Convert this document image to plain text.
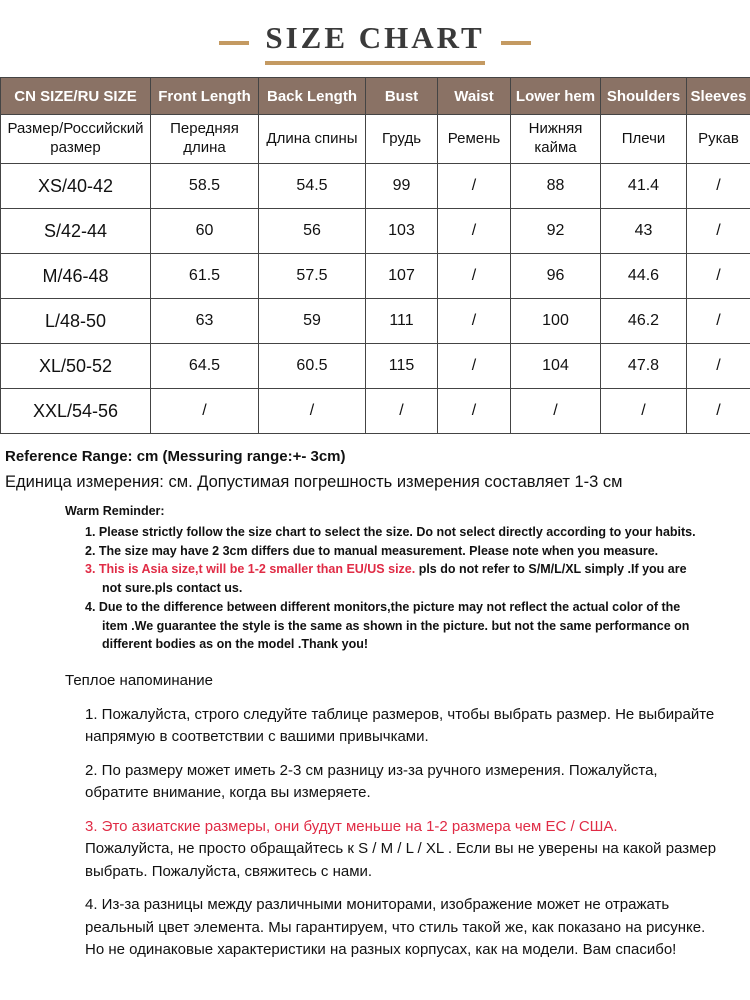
SIZE CHART
CN SIZE/RU SIZE	Front Length	Back Length	Bust	Waist	Lower hem	Shoulders	Sleeves
Размер/Российский размер	Передняя длина	Длина спины	Грудь	Ремень	Нижняя кайма	Плечи	Рукав
XS/40-42	58.5	54.5	99	/	88	41.4	/
S/42-44	60	56	103	/	92	43	/
M/46-48	61.5	57.5	107	/	96	44.6	/
L/48-50	63	59	111	/	100	46.2	/
XL/50-52	64.5	60.5	115	/	104	47.8	/
XXL/54-56	/	/	/	/	/	/	/
Reference Range: cm (Messuring range:+- 3cm)
Единица измерения: см. Допустимая погрешность измерения составляет 1-3 см
Warm Reminder:
1. Please strictly follow the size chart to select the size. Do not select directly according to your habits.
2. The size may have 2 3cm differs due to manual measurement. Please note when you measure.
3. This is Asia size,t will be 1-2 smaller than EU/US size. pls do not refer to S/M/L/XL simply .If you are not sure.pls contact us.
4. Due to the difference between different monitors,the picture may not reflect the actual color of the item .We guarantee the style is the same as shown in the picture. but not the same performance on different bodies as on the model .Thank you!
Теплое напоминание
1. Пожалуйста, строго следуйте таблице размеров, чтобы выбрать размер. Не выбирайте напрямую в соответствии с вашими привычками.
2. По размеру может иметь 2-3 см разницу из-за ручного измерения. Пожалуйста, обратите внимание, когда вы измеряете.
3. Это азиатские размеры, они будут меньше на 1-2 размера чем ЕС / США.
Пожалуйста, не просто обращайтесь к S / M / L / XL . Если вы не уверены на какой размер выбрать. Пожалуйста, свяжитесь с нами.
4. Из-за разницы между различными мониторами, изображение может не отражать реальный цвет элемента. Мы гарантируем, что стиль такой же, как показано на рисунке. Но не одинаковые характеристики на разных корпусах, как на модели. Вам спасибо!
